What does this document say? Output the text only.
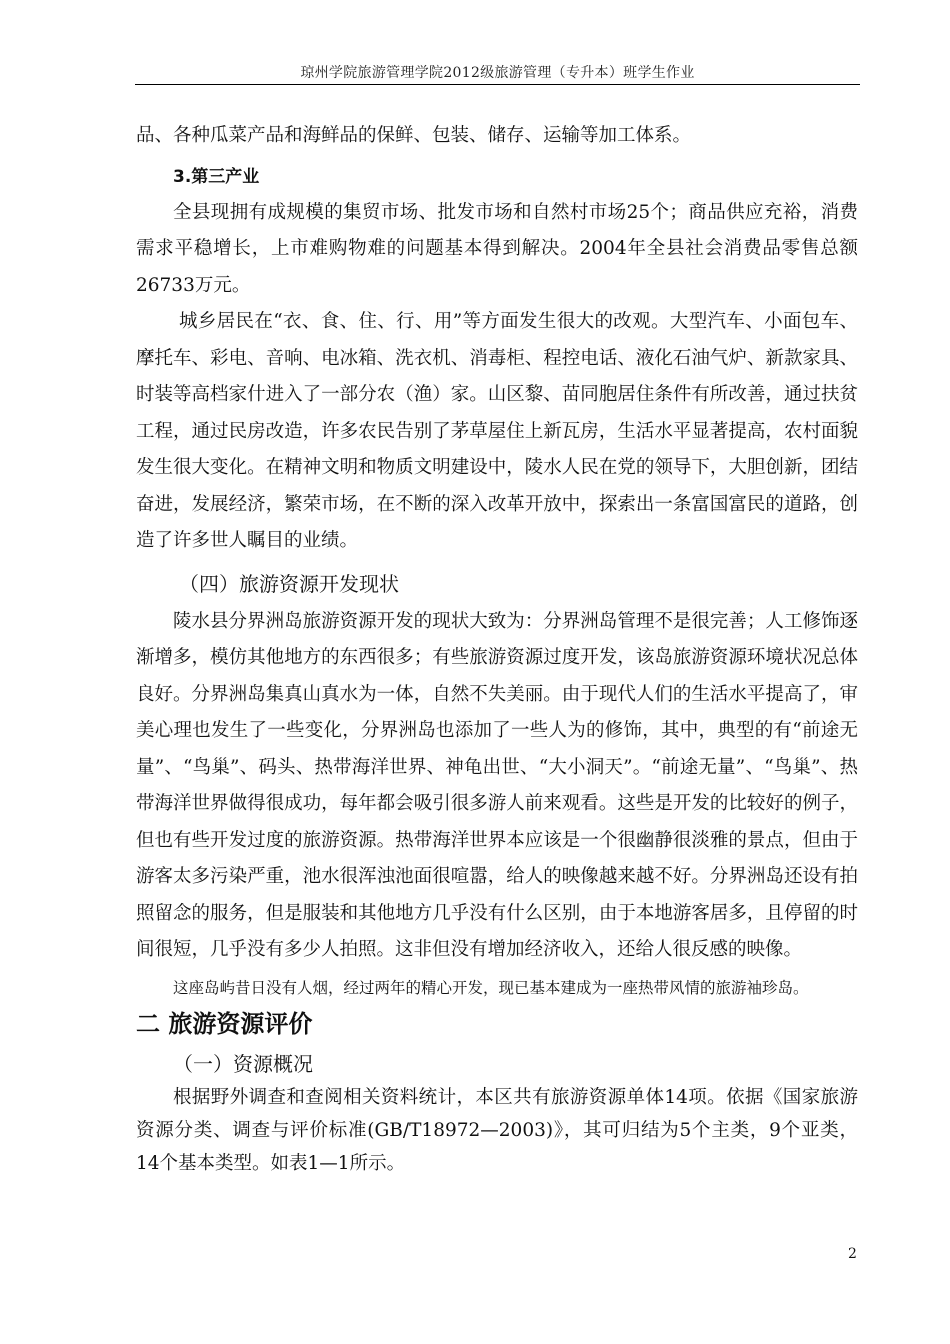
琼州学院旅游管理学院2012级旅游管理（专升本）班学生作业

品、各种瓜菜产品和海鲜品的保鲜、包装、储存、运输等加工体系。

3.第三产业

全县现拥有成规模的集贸市场、批发市场和自然村市场25个；商品供应充裕，消费需求平稳增长，上市难购物难的问题基本得到解决。2004年全县社会消费品零售总额26733万元。

城乡居民在“衣、食、住、行、用”等方面发生很大的改观。大型汽车、小面包车、摩托车、彩电、音响、电冰箱、洗衣机、消毒柜、程控电话、液化石油气炉、新款家具、时装等高档家什进入了一部分农（渔）家。山区黎、苗同胞居住条件有所改善，通过扶贫工程，通过民房改造，许多农民告别了茅草屋住上新瓦房，生活水平显著提高，农村面貌发生很大变化。在精神文明和物质文明建设中，陵水人民在党的领导下，大胆创新，团结奋进，发展经济，繁荣市场，在不断的深入改革开放中，探索出一条富国富民的道路，创造了许多世人瞩目的业绩。

（四）旅游资源开发现状

陵水县分界洲岛旅游资源开发的现状大致为：分界洲岛管理不是很完善；人工修饰逐渐增多，模仿其他地方的东西很多；有些旅游资源过度开发，该岛旅游资源环境状况总体良好。分界洲岛集真山真水为一体，自然不失美丽。由于现代人们的生活水平提高了，审美心理也发生了一些变化，分界洲岛也添加了一些人为的修饰，其中，典型的有“前途无量”、“鸟巢”、码头、热带海洋世界、神龟出世、“大小洞天”。“前途无量”、“鸟巢”、热带海洋世界做得很成功，每年都会吸引很多游人前来观看。这些是开发的比较好的例子，但也有些开发过度的旅游资源。热带海洋世界本应该是一个很幽静很淡雅的景点，但由于游客太多污染严重，池水很浑浊池面很喧嚣，给人的映像越来越不好。分界洲岛还设有拍照留念的服务，但是服装和其他地方几乎没有什么区别，由于本地游客居多，且停留的时间很短，几乎没有多少人拍照。这非但没有增加经济收入，还给人很反感的映像。

这座岛屿昔日没有人烟，经过两年的精心开发，现已基本建成为一座热带风情的旅游袖珍岛。

二 旅游资源评价
（一）资源概况

根据野外调查和查阅相关资料统计，本区共有旅游资源单体14项。依据《国家旅游资源分类、调查与评价标准(GB/T18972—2003)》，其可归结为5个主类，9个亚类，14个基本类型。如表1—1所示。

2
